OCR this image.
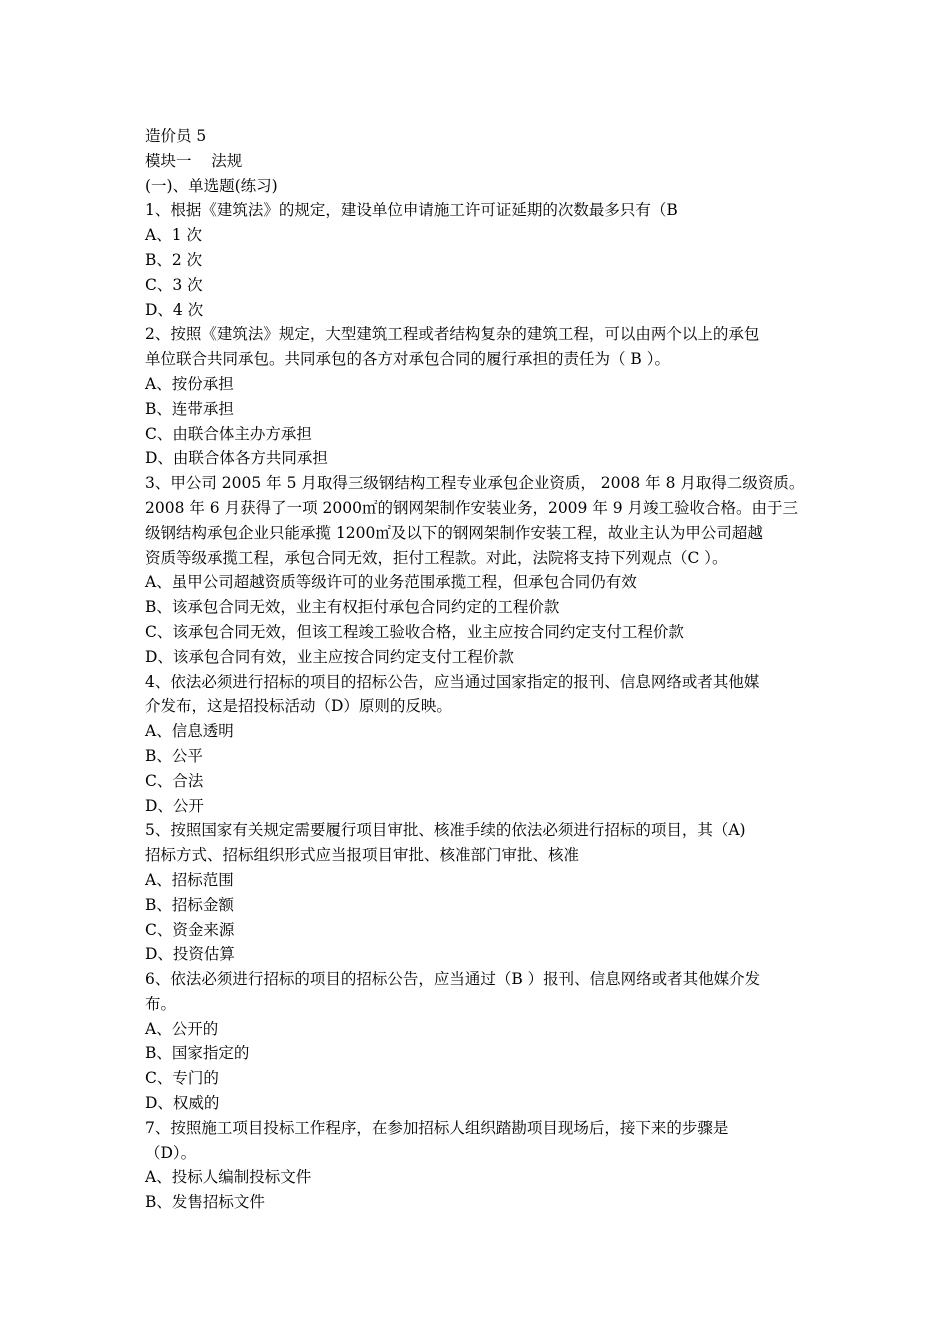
造价员 5
模块一    法规
(一)、单选题(练习)
1、根据《建筑法》的规定，建设单位申请施工许可证延期的次数最多只有（B
A、1 次
B、2 次
C、3 次
D、4 次
2、按照《建筑法》规定，大型建筑工程或者结构复杂的建筑工程，可以由两个以上的承包
单位联合共同承包。共同承包的各方对承包合同的履行承担的责任为（ B ）。
A、按份承担
B、连带承担
C、由联合体主办方承担
D、由联合体各方共同承担
3、甲公司 2005 年 5 月取得三级钢结构工程专业承包企业资质， 2008 年 8 月取得二级资质。
2008 年 6 月获得了一项 2000㎡的钢网架制作安装业务，2009 年 9 月竣工验收合格。由于三
级钢结构承包企业只能承揽 1200㎡及以下的钢网架制作安装工程，故业主认为甲公司超越
资质等级承揽工程，承包合同无效，拒付工程款。对此，法院将支持下列观点（C ）。
A、虽甲公司超越资质等级许可的业务范围承揽工程，但承包合同仍有效
B、该承包合同无效，业主有权拒付承包合同约定的工程价款
C、该承包合同无效，但该工程竣工验收合格，业主应按合同约定支付工程价款
D、该承包合同有效，业主应按合同约定支付工程价款
4、依法必须进行招标的项目的招标公告，应当通过国家指定的报刊、信息网络或者其他媒
介发布，这是招投标活动（D）原则的反映。
A、信息透明
B、公平
C、合法
D、公开
5、按照国家有关规定需要履行项目审批、核准手续的依法必须进行招标的项目，其（A)
招标方式、招标组织形式应当报项目审批、核准部门审批、核准
A、招标范围
B、招标金额
C、资金来源
D、投资估算
6、依法必须进行招标的项目的招标公告，应当通过（B ）报刊、信息网络或者其他媒介发
布。
A、公开的
B、国家指定的
C、专门的
D、权威的
7、按照施工项目投标工作程序，在参加招标人组织踏勘项目现场后，接下来的步骤是
（D）。
A、投标人编制投标文件
B、发售招标文件
